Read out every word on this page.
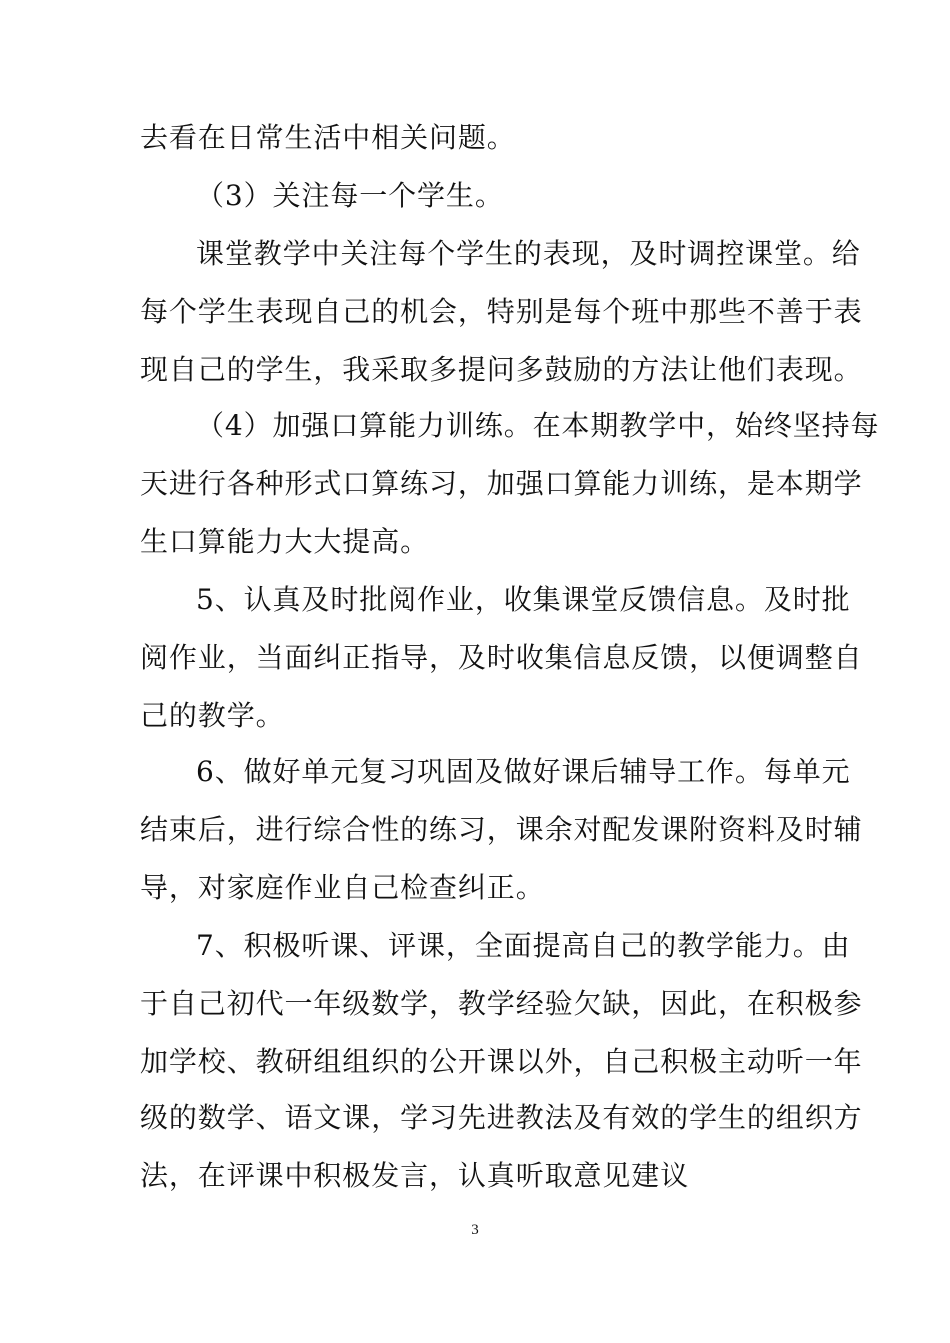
去看在日常生活中相关问题。
（3）关注每一个学生。
课堂教学中关注每个学生的表现，及时调控课堂。给
每个学生表现自己的机会，特别是每个班中那些不善于表
现自己的学生，我采取多提问多鼓励的方法让他们表现。
（4）加强口算能力训练。在本期教学中，始终坚持每
天进行各种形式口算练习，加强口算能力训练，是本期学
生口算能力大大提高。
5、认真及时批阅作业，收集课堂反馈信息。及时批
阅作业，当面纠正指导，及时收集信息反馈，以便调整自
己的教学。
6、做好单元复习巩固及做好课后辅导工作。每单元
结束后，进行综合性的练习，课余对配发课附资料及时辅
导，对家庭作业自己检查纠正。
7、积极听课、评课，全面提高自己的教学能力。由
于自己初代一年级数学，教学经验欠缺，因此，在积极参
加学校、教研组组织的公开课以外，自己积极主动听一年
级的数学、语文课，学习先进教法及有效的学生的组织方
法，在评课中积极发言，认真听取意见建议
3
